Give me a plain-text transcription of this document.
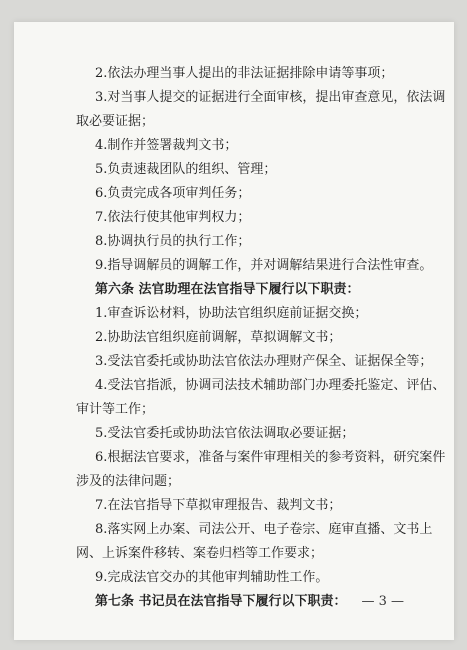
2.依法办理当事人提出的非法证据排除申请等事项；
3.对当事人提交的证据进行全面审核，提出审查意见，依法调
取必要证据；
4.制作并签署裁判文书；
5.负责速裁团队的组织、管理；
6.负责完成各项审判任务；
7.依法行使其他审判权力；
8.协调执行员的执行工作；
9.指导调解员的调解工作，并对调解结果进行合法性审查。
第六条 法官助理在法官指导下履行以下职责：
1.审查诉讼材料，协助法官组织庭前证据交换；
2.协助法官组织庭前调解，草拟调解文书；
3.受法官委托或协助法官依法办理财产保全、证据保全等；
4.受法官指派，协调司法技术辅助部门办理委托鉴定、评估、
审计等工作；
5.受法官委托或协助法官依法调取必要证据；
6.根据法官要求，准备与案件审理相关的参考资料，研究案件
涉及的法律问题；
7.在法官指导下草拟审理报告、裁判文书；
8.落实网上办案、司法公开、电子卷宗、庭审直播、文书上
网、上诉案件移转、案卷归档等工作要求；
9.完成法官交办的其他审判辅助性工作。
第七条 书记员在法官指导下履行以下职责：	— 3 —
